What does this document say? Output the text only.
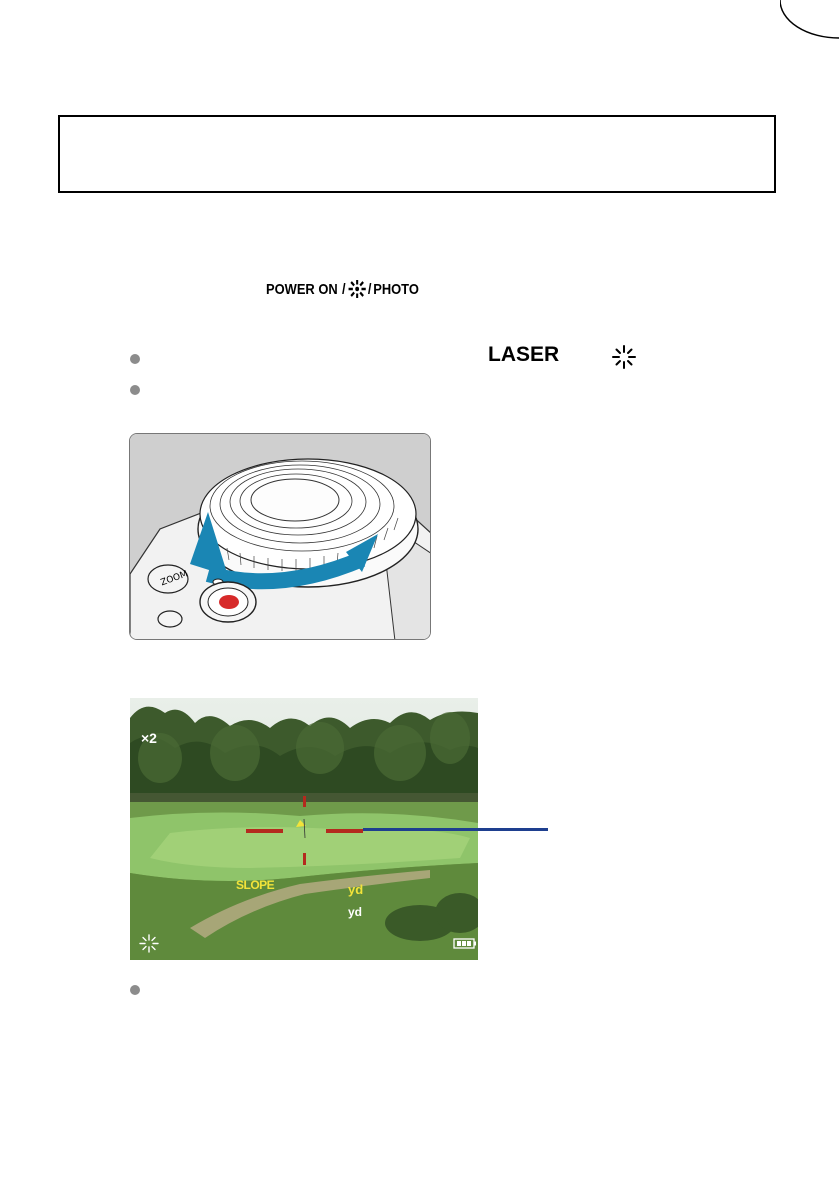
POWER ON / / PHOTO
LASER
ZOOM
×2
SLOPE	yd
yd
